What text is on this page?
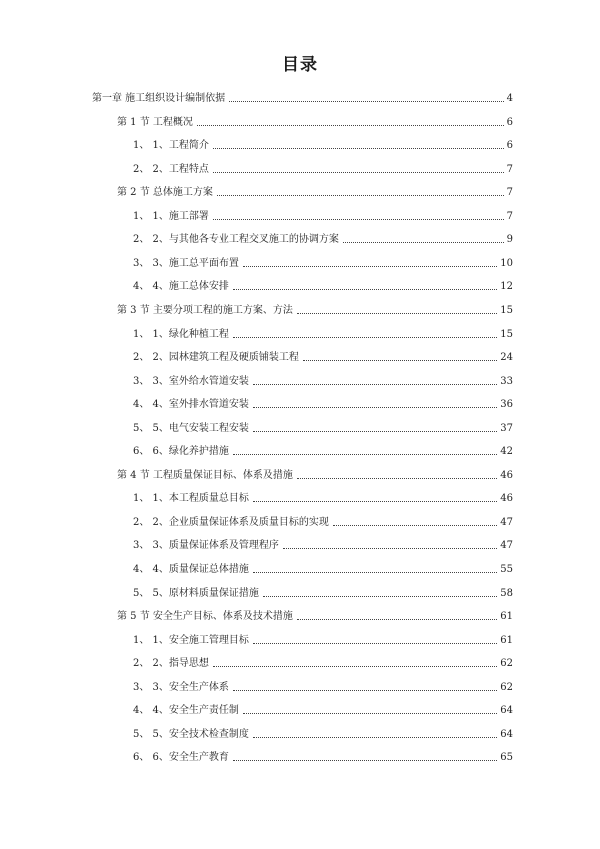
目录
第一章 施工组织设计编制依据	4
第 1 节 工程概况	6
1、 1、工程简介	6
2、 2、工程特点	7
第 2 节 总体施工方案	7
1、 1、施工部署	7
2、 2、与其他各专业工程交叉施工的协调方案	9
3、 3、施工总平面布置	10
4、 4、施工总体安排	12
第 3 节 主要分项工程的施工方案、方法	15
1、 1、绿化种植工程	15
2、 2、园林建筑工程及硬质铺装工程	24
3、 3、室外给水管道安装	33
4、 4、室外排水管道安装	36
5、 5、电气安装工程安装	37
6、 6、绿化养护措施	42
第 4 节 工程质量保证目标、体系及措施	46
1、 1、本工程质量总目标	46
2、 2、企业质量保证体系及质量目标的实现	47
3、 3、质量保证体系及管理程序	47
4、 4、质量保证总体措施	55
5、 5、原材料质量保证措施	58
第 5 节 安全生产目标、体系及技术措施	61
1、 1、安全施工管理目标	61
2、 2、指导思想	62
3、 3、安全生产体系	62
4、 4、安全生产责任制	64
5、 5、安全技术检查制度	64
6、 6、安全生产教育	65
